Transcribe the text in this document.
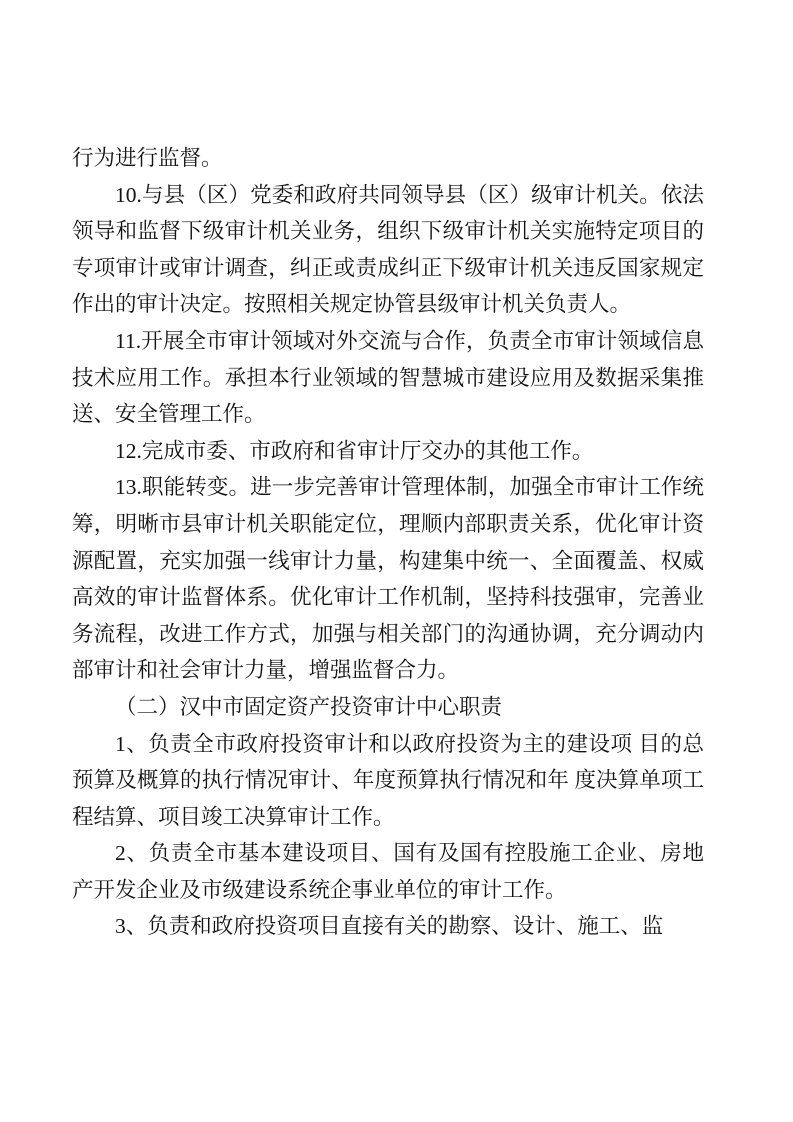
行为进行监督。

10.与县（区）党委和政府共同领导县（区）级审计机关。依法领导和监督下级审计机关业务，组织下级审计机关实施特定项目的专项审计或审计调查，纠正或责成纠正下级审计机关违反国家规定作出的审计决定。按照相关规定协管县级审计机关负责人。

11.开展全市审计领域对外交流与合作，负责全市审计领域信息技术应用工作。承担本行业领域的智慧城市建设应用及数据采集推送、安全管理工作。

12.完成市委、市政府和省审计厅交办的其他工作。

13.职能转变。进一步完善审计管理体制，加强全市审计工作统筹，明晰市县审计机关职能定位，理顺内部职责关系，优化审计资源配置，充实加强一线审计力量，构建集中统一、全面覆盖、权威高效的审计监督体系。优化审计工作机制，坚持科技强审，完善业务流程，改进工作方式，加强与相关部门的沟通协调，充分调动内部审计和社会审计力量，增强监督合力。

（二）汉中市固定资产投资审计中心职责

1、负责全市政府投资审计和以政府投资为主的建设项 目的总预算及概算的执行情况审计、年度预算执行情况和年 度决算单项工程结算、项目竣工决算审计工作。

2、负责全市基本建设项目、国有及国有控股施工企业、房地产开发企业及市级建设系统企事业单位的审计工作。

3、负责和政府投资项目直接有关的勘察、设计、施工、监
